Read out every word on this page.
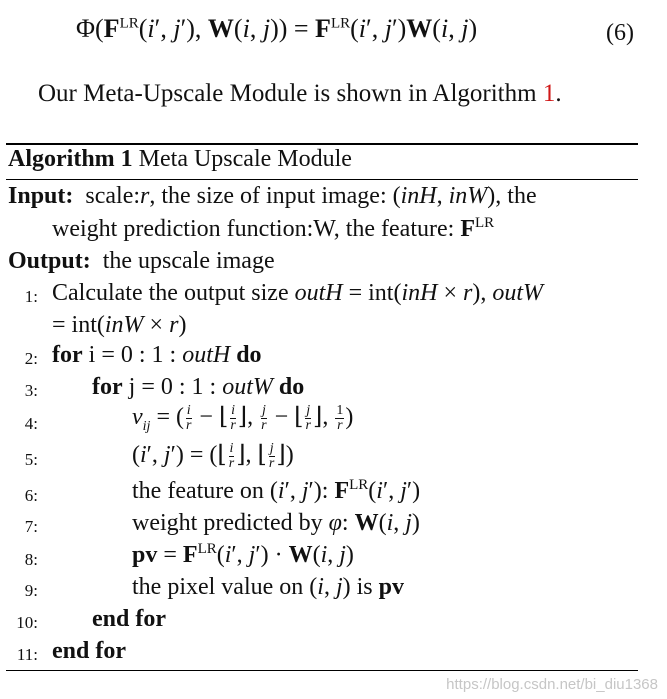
$\Phi(F^{LR}(i'$, j′), W(i, $j)) = F^{LR}(i'$, j′)W(i, j)	(6)
Our Meta-Upscale Module is shown in Algorithm 1.
Algorithm 1 Meta Upscale Module
Input:  scale:r, the size of input image: (inH, inW), the
weight prediction function:W, the feature: $F^{LR}$
Output: the upscale image
1: Calculate the output size outH = int(inH × r), outW
= int(inW × r)
2: for i = 0 : 1 : outH do
3: for j = 0 : 1 : outW do
4:	$v_{ij}$ = ( $\frac{i}{r}$ − ⌊ $\frac{i}{r}$ ⌋, $\frac{j}{r}$ − ⌊ $\frac{j}{r}$ ⌋, $\frac{1}{r}$ )
5:	(i′, j′) = (⌊ $\frac{i}{r}$ ⌋, ⌊ $\frac{j}{r}$ ⌋)
6:	the feature on (i′, j′): $F^{LR}(i'$, j′)
7:	weight predicted by φ: W(i, j)
8:	pv = $F^{LR}(i'$, j′) · W(i, j)
9:	the pixel value on (i, j) is pv
10: end for
11: end for
https://blog.csdn.net/bi_diu1368
